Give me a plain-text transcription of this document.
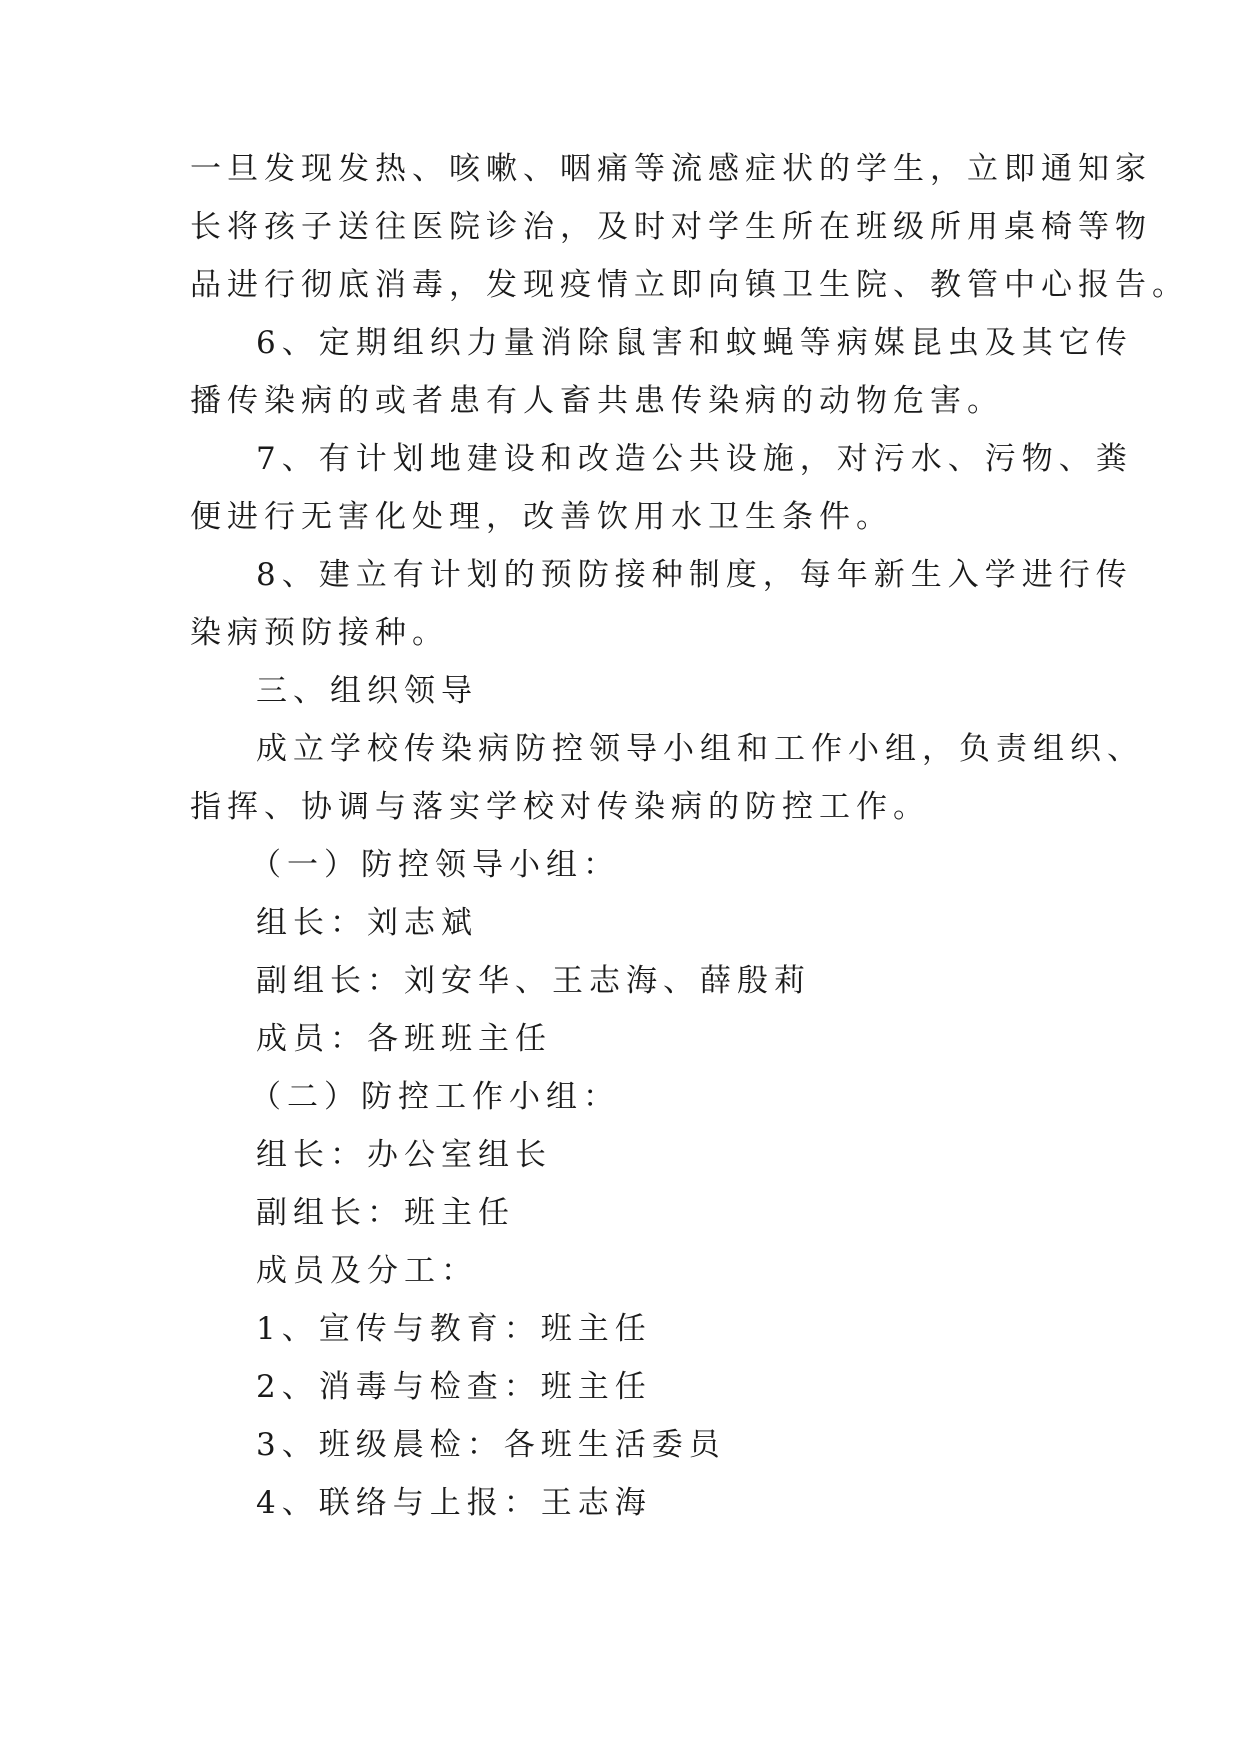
一旦发现发热、咳嗽、咽痛等流感症状的学生，立即通知家
长将孩子送往医院诊治，及时对学生所在班级所用桌椅等物
品进行彻底消毒，发现疫情立即向镇卫生院、教管中心报告。
6、定期组织力量消除鼠害和蚊蝇等病媒昆虫及其它传
播传染病的或者患有人畜共患传染病的动物危害。
7、有计划地建设和改造公共设施，对污水、污物、粪
便进行无害化处理，改善饮用水卫生条件。
8、建立有计划的预防接种制度，每年新生入学进行传
染病预防接种。
三、组织领导
成立学校传染病防控领导小组和工作小组，负责组织、
指挥、协调与落实学校对传染病的防控工作。
（一）防控领导小组：
组长：刘志斌
副组长：刘安华、王志海、薛殷莉
成员：各班班主任
（二）防控工作小组：
组长：办公室组长
副组长：班主任
成员及分工：
1、宣传与教育：班主任
2、消毒与检查：班主任
3、班级晨检：各班生活委员
4、联络与上报：王志海
